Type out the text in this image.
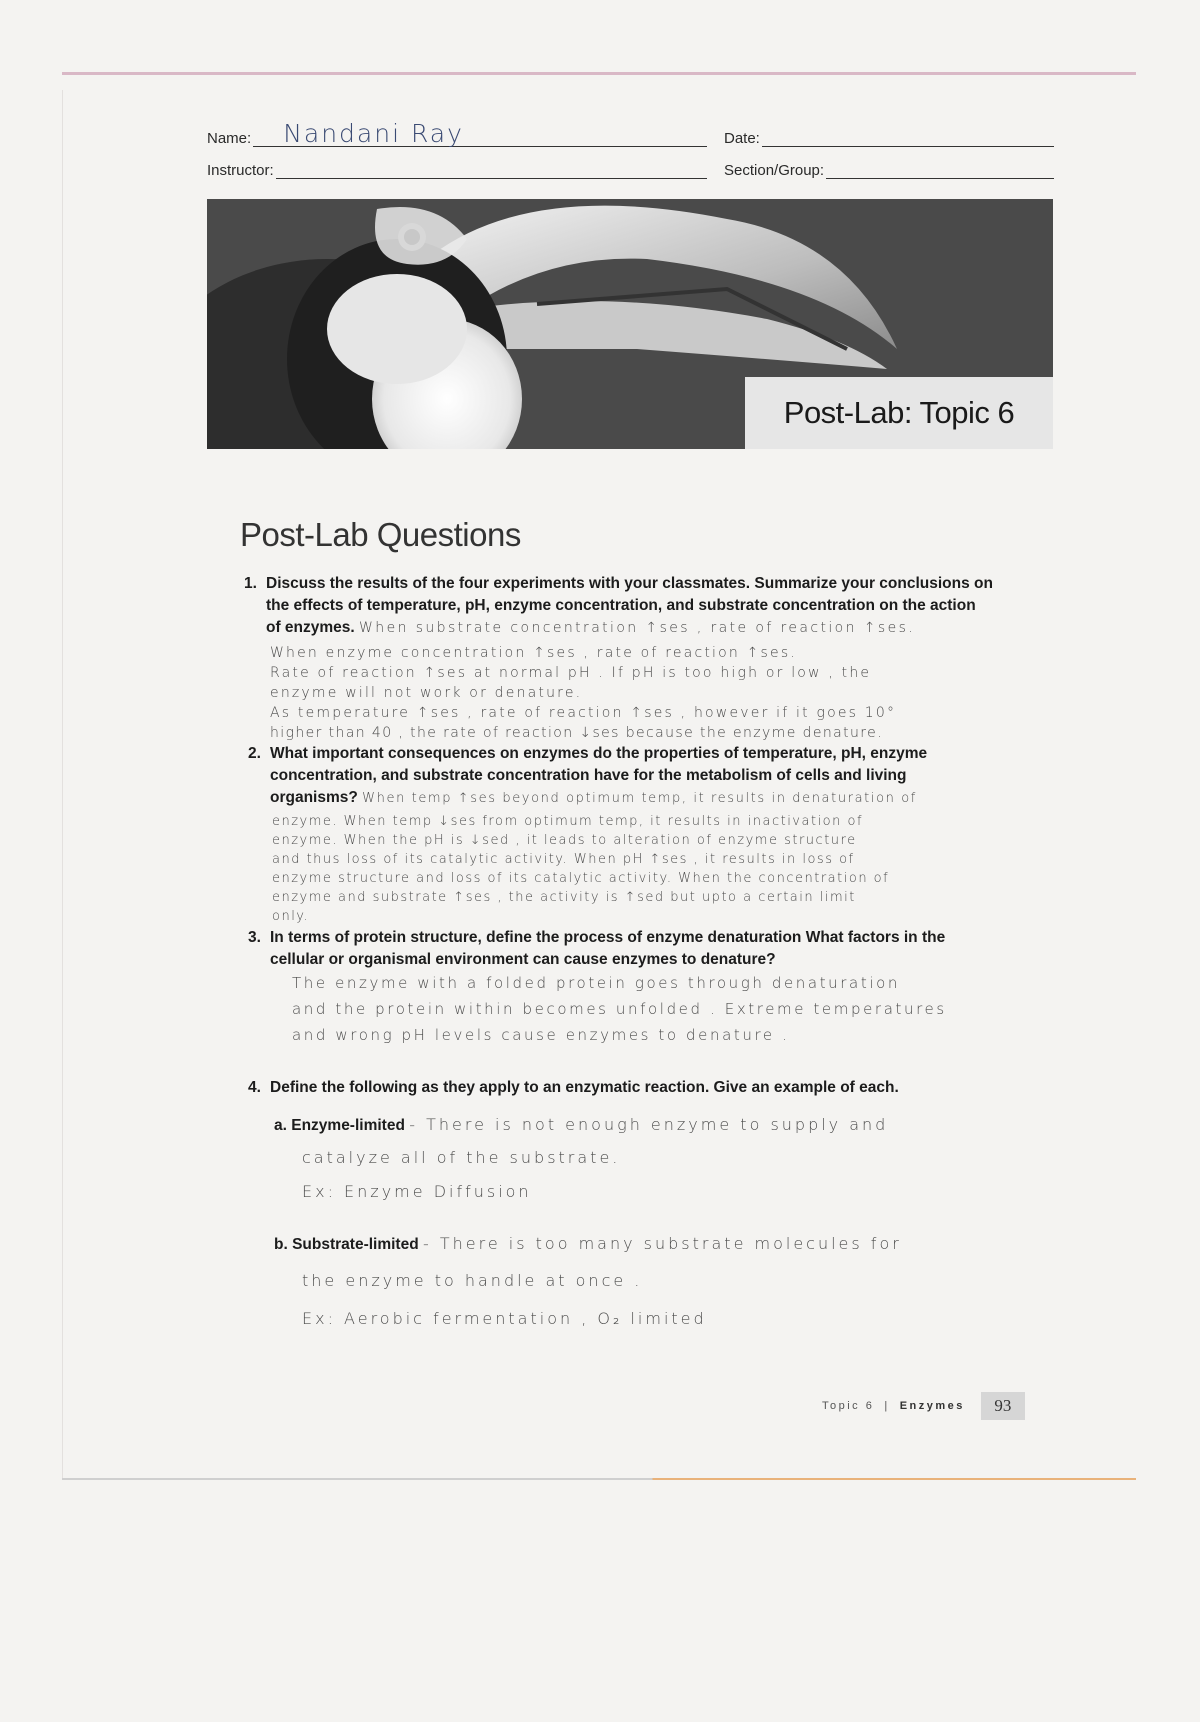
Name: Nandani Ray	Date:
Instructor:	Section/Group:
Post-Lab: Topic 6
Post-Lab Questions
1. Discuss the results of the four experiments with your classmates. Summarize your conclusions on
the effects of temperature, pH, enzyme concentration, and substrate concentration on the action
of enzymes. When substrate concentration ↑ses , rate of reaction ↑ses.
When enzyme concentration ↑ses , rate of reaction ↑ses.
Rate of reaction ↑ses at normal pH . If pH is too high or low , the
enzyme will not work or denature.
As temperature ↑ses , rate of reaction ↑ses , however if it goes 10°
higher than 40 , the rate of reaction ↓ses because the enzyme denature.
2. What important consequences on enzymes do the properties of temperature, pH, enzyme
concentration, and substrate concentration have for the metabolism of cells and living
organisms? When temp ↑ses beyond optimum temp, it results in denaturation of
enzyme. When temp ↓ses from optimum temp, it results in inactivation of
enzyme. When the pH is ↓sed , it leads to alteration of enzyme structure
and thus loss of its catalytic activity. When pH ↑ses , it results in loss of
enzyme structure and loss of its catalytic activity. When the concentration of
enzyme and substrate ↑ses , the activity is ↑sed but upto a certain limit
only.
3. In terms of protein structure, define the process of enzyme denaturation What factors in the
cellular or organismal environment can cause enzymes to denature?
The enzyme with a folded protein goes through denaturation
and the protein within becomes unfolded . Extreme temperatures
and wrong pH levels cause enzymes to denature .
4. Define the following as they apply to an enzymatic reaction. Give an example of each.
a. Enzyme-limited - There is not enough enzyme to supply and
catalyze all of the substrate.
Ex: Enzyme Diffusion
b. Substrate-limited - There is too many substrate molecules for
the enzyme to handle at once .
Ex: Aerobic fermentation , O₂ limited
Topic 6 | Enzymes	93
